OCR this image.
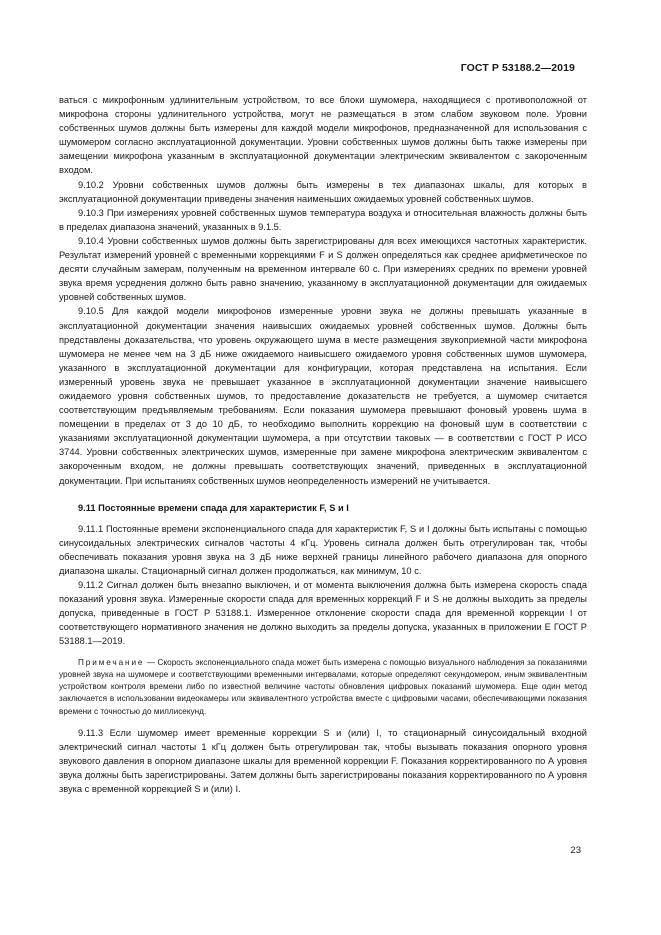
ГОСТ Р 53188.2—2019

ваться с микрофонным удлинительным устройством, то все блоки шумомера, находящиеся с противоположной от микрофона стороны удлинительного устройства, могут не размещаться в этом слабом звуковом поле. Уровни собственных шумов должны быть измерены для каждой модели микрофонов, предназначенной для использования с шумомером согласно эксплуатационной документации. Уровни собственных шумов должны быть также измерены при замещении микрофона указанным в эксплуатационной документации электрическим эквивалентом с закороченным входом.

9.10.2 Уровни собственных шумов должны быть измерены в тех диапазонах шкалы, для которых в эксплуатационной документации приведены значения наименьших ожидаемых уровней собственных шумов.

9.10.3 При измерениях уровней собственных шумов температура воздуха и относительная влажность должны быть в пределах диапазона значений, указанных в 9.1.5.

9.10.4 Уровни собственных шумов должны быть зарегистрированы для всех имеющихся частотных характеристик. Результат измерений уровней с временными коррекциями F и S должен определяться как среднее арифметическое по десяти случайным замерам, полученным на временном интервале 60 с. При измерениях средних по времени уровней звука время усреднения должно быть равно значению, указанному в эксплуатационной документации для ожидаемых уровней собственных шумов.

9.10.5 Для каждой модели микрофонов измеренные уровни звука не должны превышать указанные в эксплуатационной документации значения наивысших ожидаемых уровней собственных шумов. Должны быть представлены доказательства, что уровень окружающего шума в месте размещения звукоприемной части микрофона шумомера не менее чем на 3 дБ ниже ожидаемого наивысшего ожидаемого уровня собственных шумов шумомера, указанного в эксплуатационной документации для конфигурации, которая представлена на испытания. Если измеренный уровень звука не превышает указанное в эксплуатационной документации значение наивысшего ожидаемого уровня собственных шумов, то предоставление доказательств не требуется, а шумомер считается соответствующим предъявляемым требованиям. Если показания шумомера превышают фоновый уровень шума в помещении в пределах от 3 до 10 дБ, то необходимо выполнить коррекцию на фоновый шум в соответствии с указаниями эксплуатационной документации шумомера, а при отсутствии таковых — в соответствии с ГОСТ Р ИСО 3744. Уровни собственных электрических шумов, измеренные при замене микрофона электрическим эквивалентом с закороченным входом, не должны превышать соответствующих значений, приведенных в эксплуатационной документации. При испытаниях собственных шумов неопределенность измерений не учитывается.

9.11 Постоянные времени спада для характеристик F, S и I

9.11.1 Постоянные времени экспоненциального спада для характеристик F, S и I должны быть испытаны с помощью синусоидальных электрических сигналов частоты 4 кГц. Уровень сигнала должен быть отрегулирован так, чтобы обеспечивать показания уровня звука на 3 дБ ниже верхней границы линейного рабочего диапазона для опорного диапазона шкалы. Стационарный сигнал должен продолжаться, как минимум, 10 с.

9.11.2 Сигнал должен быть внезапно выключен, и от момента выключения должна быть измерена скорость спада показаний уровня звука. Измеренные скорости спада для временных коррекций F и S не должны выходить за пределы допуска, приведенные в ГОСТ Р 53188.1. Измеренное отклонение скорости спада для временной коррекции I от соответствующего нормативного значения не должно выходить за пределы допуска, указанных в приложении Е ГОСТ Р 53188.1—2019.

Примечание — Скорость экспоненциального спада может быть измерена с помощью визуального наблюдения за показаниями уровней звука на шумомере и соответствующими временными интервалами, которые определяют секундомером, иным эквивалентным устройством контроля времени либо по известной величине частоты обновления цифровых показаний шумомера. Еще один метод заключается в использовании видеокамеры или эквивалентного устройства вместе с цифровыми часами, обеспечивающими показания времени с точностью до миллисекунд.

9.11.3 Если шумомер имеет временные коррекции S и (или) I, то стационарный синусоидальный входной электрический сигнал частоты 1 кГц должен быть отрегулирован так, чтобы вызывать показания опорного уровня звукового давления в опорном диапазоне шкалы для временной коррекции F. Показания корректированного по А уровня звука должны быть зарегистрированы. Затем должны быть зарегистрированы показания корректированного по А уровня звука с временной коррекцией S и (или) I.

23
